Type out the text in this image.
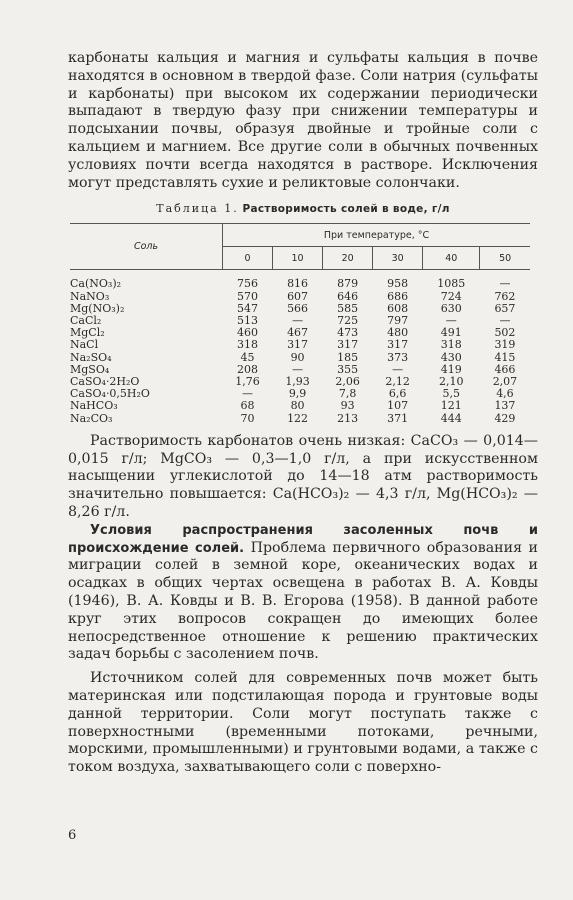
карбонаты кальция и магния и сульфаты кальция в почве находятся в основном в твердой фазе. Соли натрия (сульфаты и карбонаты) при высоком их содержании периодически выпадают в твердую фазу при снижении температуры и подсыхании почвы, образуя двойные и тройные соли с кальцием и магнием. Все другие соли в обычных почвенных условиях почти всегда находятся в растворе. Исключения могут представлять сухие и реликтовые солончаки.

Таблица 1. Растворимость солей в воде, г/л
Соль	При температуре, °C					
	0	10	20	30	40	50

Ca(NO₃)₂	756	816	879	958	1085	—
NaNO₃	570	607	646	686	724	762
Mg(NO₃)₂	547	566	585	608	630	657
CaCl₂	513	—	725	797	—	—
MgCl₂	460	467	473	480	491	502
NaCl	318	317	317	317	318	319
Na₂SO₄	45	90	185	373	430	415
MgSO₄	208	—	355	—	419	466
CaSO₄·2H₂O	1,76	1,93	2,06	2,12	2,10	2,07
CaSO₄·0,5H₂O	—	9,9	7,8	6,6	5,5	4,6
NaHCO₃	68	80	93	107	121	137
Na₂CO₃	70	122	213	371	444	429

Растворимость карбонатов очень низкая: CaCO₃ — 0,014—0,015 г/л; MgCO₃ — 0,3—1,0 г/л, а при искусственном насыщении углекислотой до 14—18 атм растворимость значительно повышается: Ca(HCO₃)₂ — 4,3 г/л, Mg(HCO₃)₂ — 8,26 г/л.

Условия распространения засоленных почв и происхождение солей. Проблема первичного образования и миграции солей в земной коре, океанических водах и осадках в общих чертах освещена в работах В. А. Ковды (1946), В. А. Ковды и В. В. Егорова (1958). В данной работе круг этих вопросов сокращен до имеющих более непосредственное отношение к решению практических задач борьбы с засолением почв.

Источником солей для современных почв может быть материнская или подстилающая порода и грунтовые воды данной территории. Соли могут поступать также с поверхностными (временными потоками, речными, морскими, промышленными) и грунтовыми водами, а также с током воздуха, захватывающего соли с поверхно-

6
